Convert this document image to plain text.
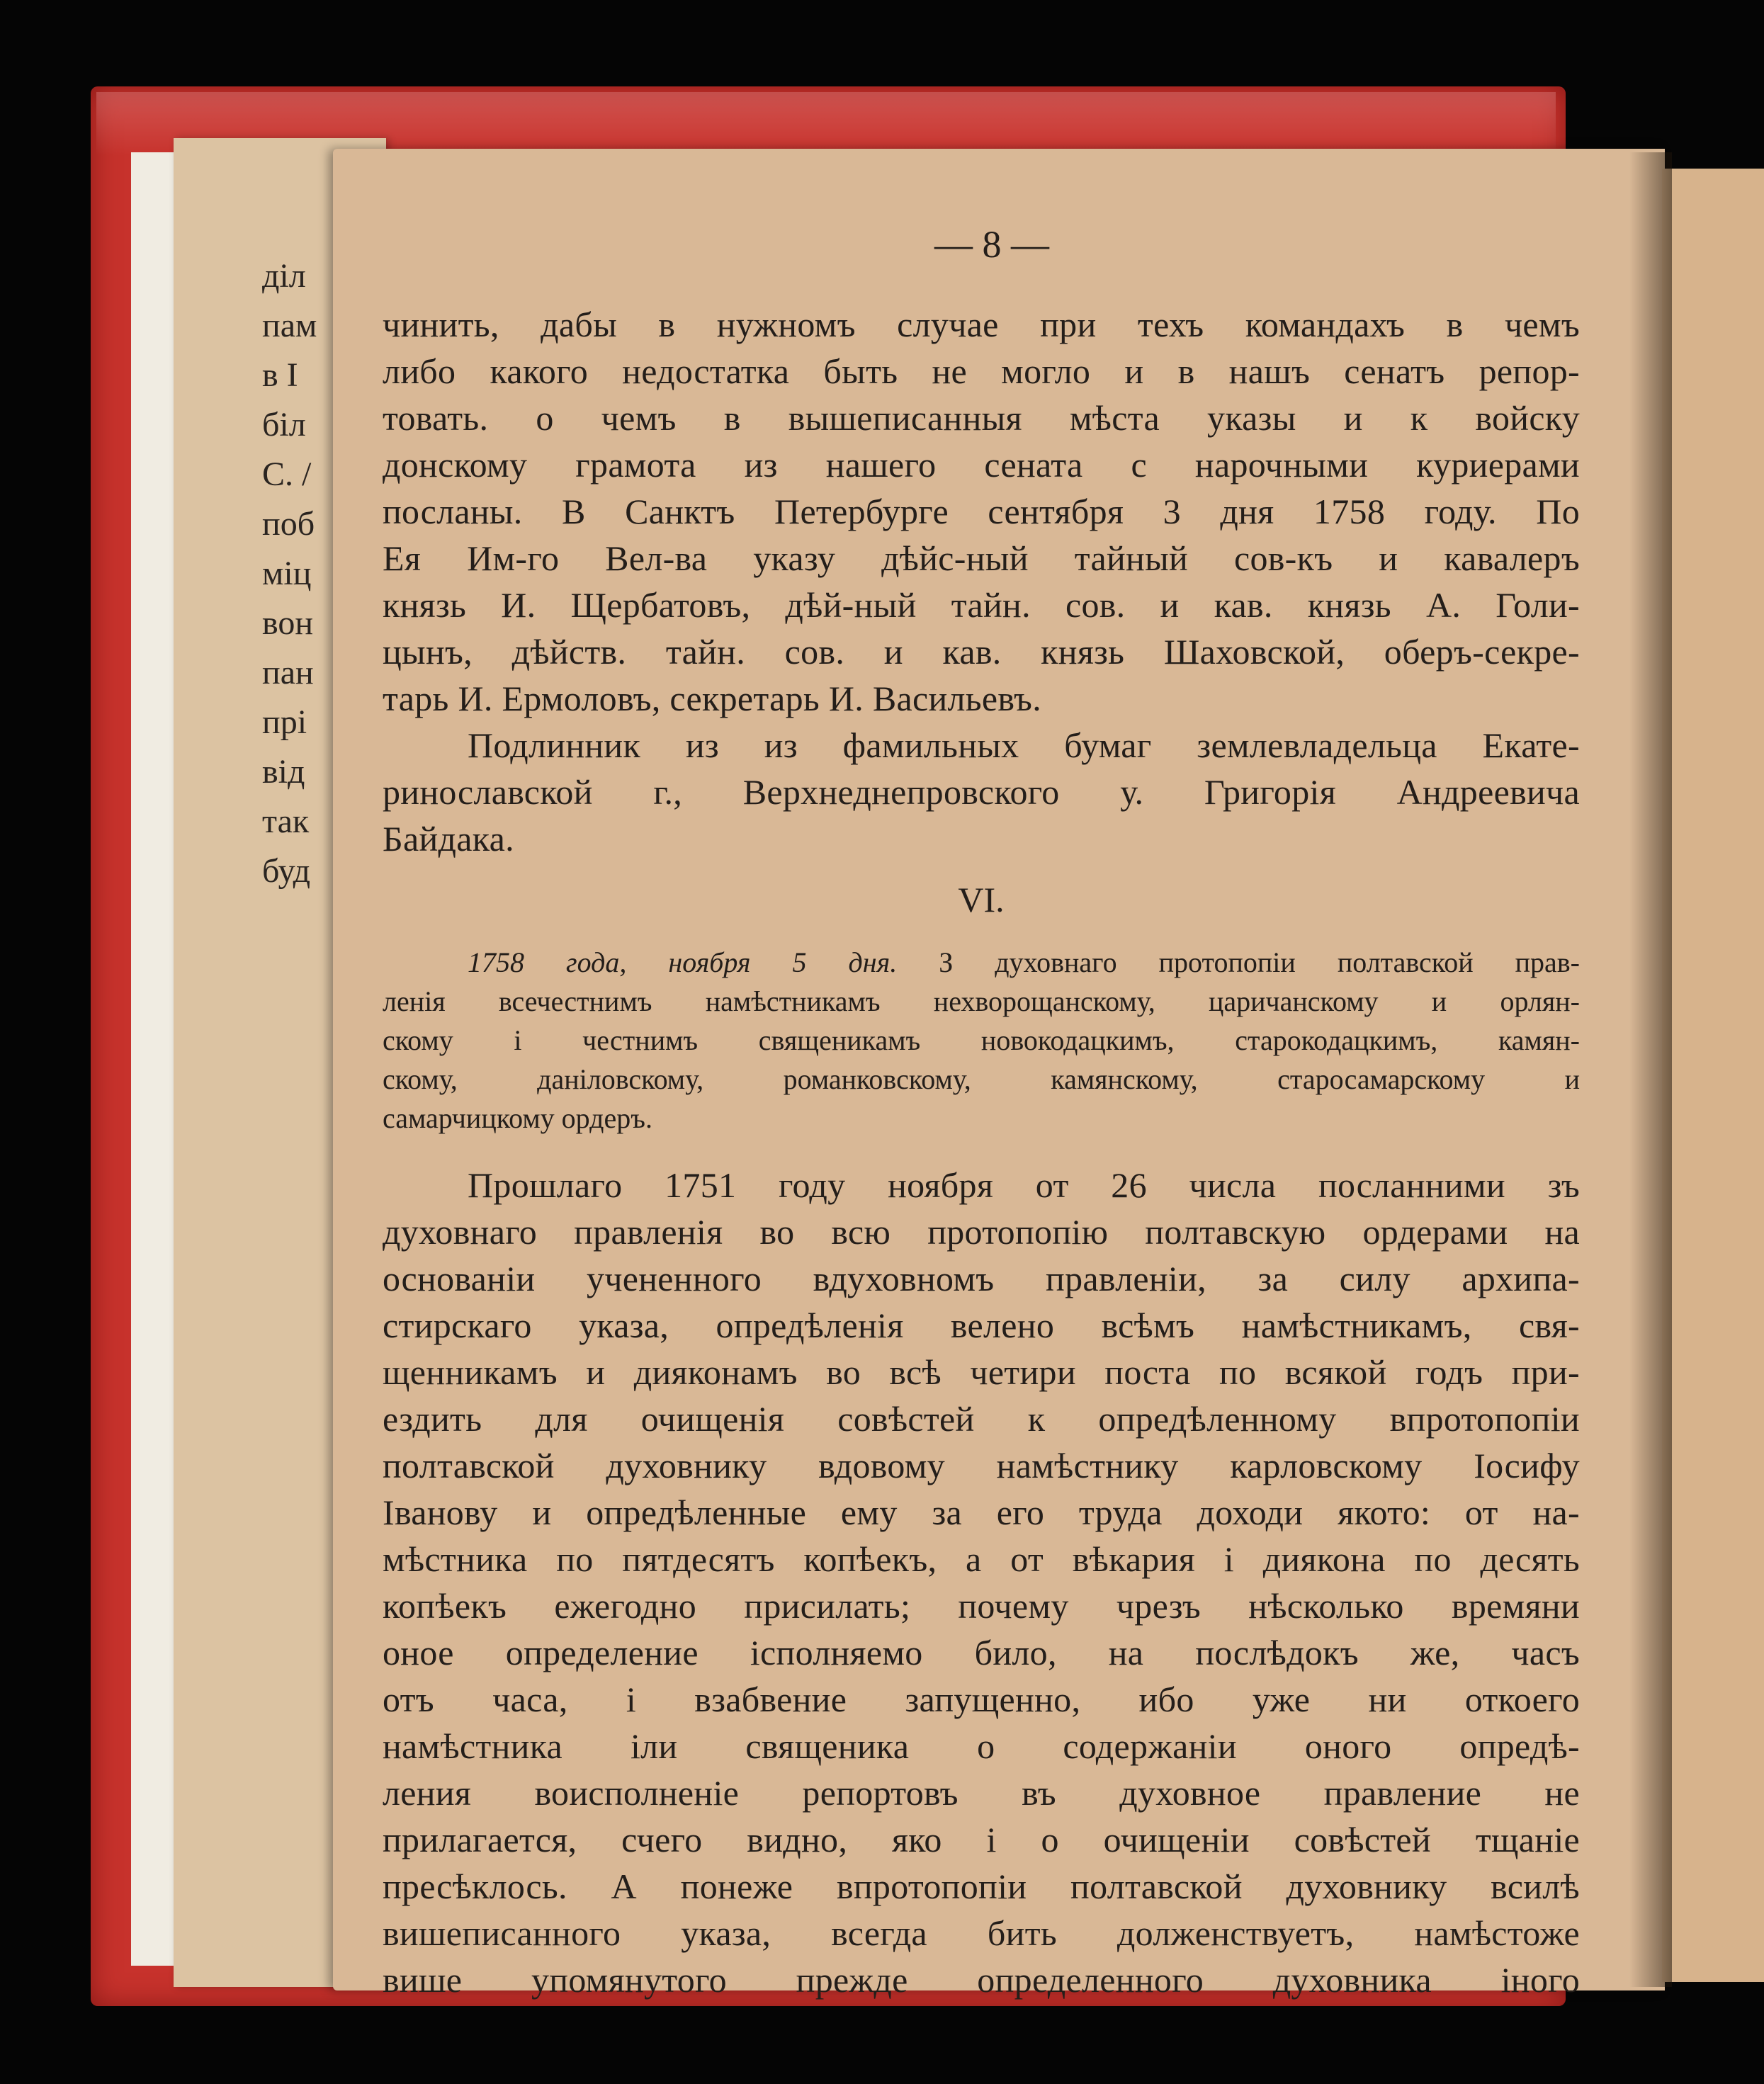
діл
пам
в І
біл
С. /
поб
міц
вон
пан
прі
від
так
буд
— 8 —
чинить, дабы в нужномъ случае при техъ командахъ в чемъ
либо какого недостатка быть не могло и в нашъ сенатъ репор-
товать. о чемъ в вышеписанныя мѣста указы и к войску
донскому грамота из нашего сената с нарочными куриерами
посланы. В Санктъ Петербурге сентября 3 дня 1758 году. По
Ея Им-го Вел-ва указу дѣйс-ный тайный сов-къ и кавалеръ
князь И. Щербатовъ, дѣй-ный тайн. сов. и кав. князь А. Голи-
цынъ, дѣйств. тайн. сов. и кав. князь Шаховской, оберъ-секре-
тарь И. Ермоловъ, секретарь И. Васильевъ.
Подлинник из из фамильных бумаг землевладельца Екате-
ринославской г., Верхнеднепровского у. Григорія Андреевича
Байдака.
VI.
1758 года, ноября 5 дня. З духовнаго протопопіи полтавской прав-
ленія всечестнимъ намѣстникамъ нехворощанскому, царичанскому и орлян-
скому і честнимъ священикамъ новокодацкимъ, старокодацкимъ, камян-
скому, даніловскому, романковскому, камянскому, старосамарскому и
самарчицкому ордеръ.
Прошлаго 1751 году ноября от 26 числа посланними зъ
духовнаго правленія во всю протопопію полтавскую ордерами на
основаніи учененного вдуховномъ правленіи, за силу архипа-
стирскаго указа, опредѣленія велено всѣмъ намѣстникамъ, свя-
щенникамъ и дияконамъ во всѣ четири поста по всякой годъ при-
ездить для очищенія совѣстей к опредѣленному впротопопіи
полтавской духовнику вдовому намѣстнику карловскому Іосифу
Іванову и опредѣленные ему за его труда доходи якото: от на-
мѣстника по пятдесятъ копѣекъ, а от вѣкария і диякона по десять
копѣекъ ежегодно присилать; почему чрезъ нѣсколько времяни
оное определение ісполняемо било, на послѣдокъ же, часъ
отъ часа, і взабвение запущенно, ибо уже ни откоего
намѣстника іли священика о содержаніи оного опредѣ-
ления воисполненіе репортовъ въ духовное правление не
прилагается, счего видно, яко і о очищеніи совѣстей тщаніе
пресѣклось. А понеже впротопопіи полтавской духовнику всилѣ
вишеписанного указа, всегда бить долженствуетъ, намѣстоже
више упомянутого прежде определенного духовника іного
